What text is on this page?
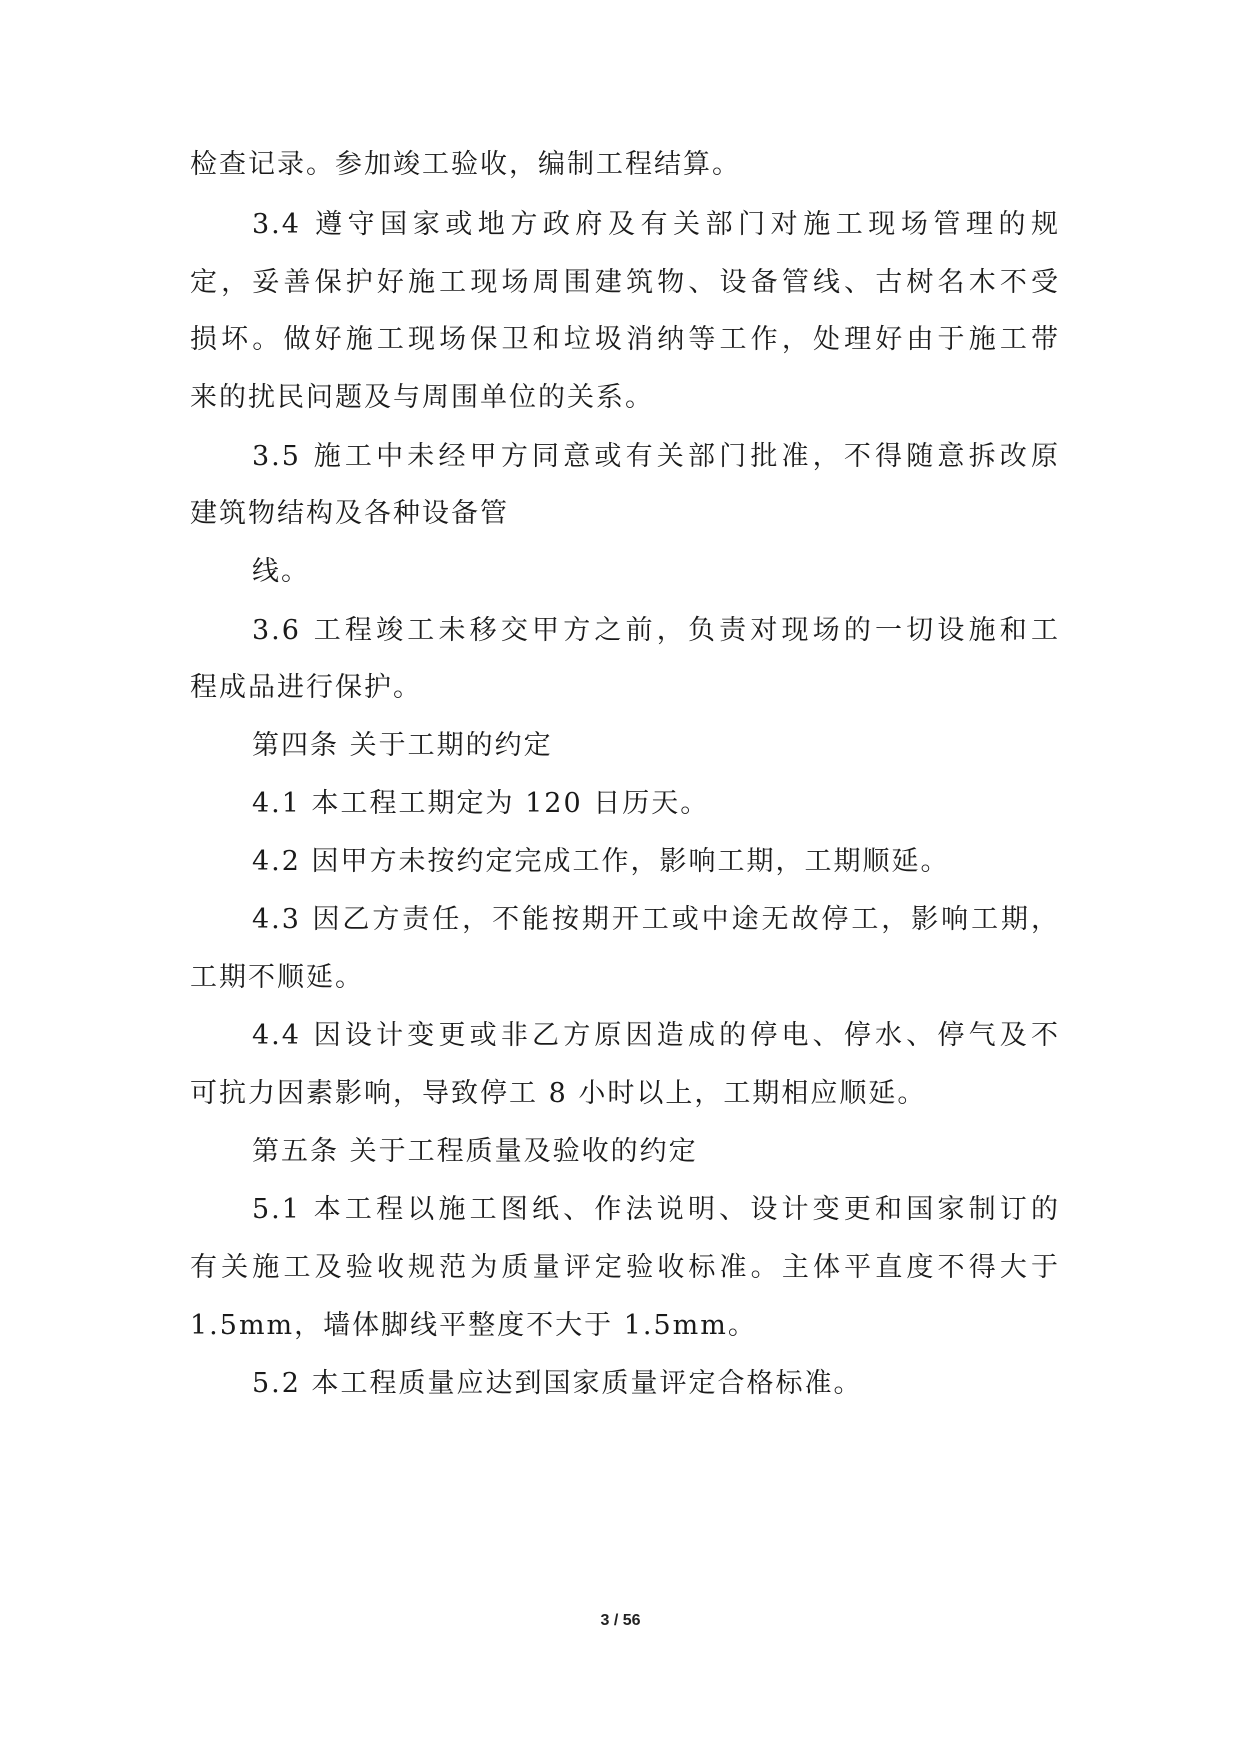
检查记录。参加竣工验收，编制工程结算。
3.4 遵守国家或地方政府及有关部门对施工现场管理的规
定，妥善保护好施工现场周围建筑物、设备管线、古树名木不受
损坏。做好施工现场保卫和垃圾消纳等工作，处理好由于施工带
来的扰民问题及与周围单位的关系。
3.5 施工中未经甲方同意或有关部门批准，不得随意拆改原
建筑物结构及各种设备管
线。
3.6 工程竣工未移交甲方之前，负责对现场的一切设施和工
程成品进行保护。
第四条 关于工期的约定
4.1 本工程工期定为 120 日历天。
4.2 因甲方未按约定完成工作，影响工期，工期顺延。
4.3 因乙方责任，不能按期开工或中途无故停工，影响工期，
工期不顺延。
4.4 因设计变更或非乙方原因造成的停电、停水、停气及不
可抗力因素影响，导致停工 8 小时以上，工期相应顺延。
第五条 关于工程质量及验收的约定
5.1 本工程以施工图纸、作法说明、设计变更和国家制订的
有关施工及验收规范为质量评定验收标准。主体平直度不得大于
1.5mm，墙体脚线平整度不大于 1.5mm。
5.2 本工程质量应达到国家质量评定合格标准。
3 / 56
